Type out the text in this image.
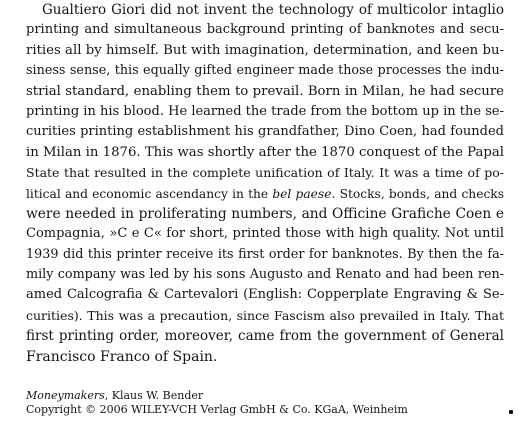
Gualtiero Giori did not invent the technology of multicolor intaglio
printing and simultaneous background printing of banknotes and secu-
rities all by himself. But with imagination, determination, and keen bu-
siness sense, this equally gifted engineer made those processes the indu-
strial standard, enabling them to prevail. Born in Milan, he had secure
printing in his blood. He learned the trade from the bottom up in the se-
curities printing establishment his grandfather, Dino Coen, had founded
in Milan in 1876. This was shortly after the 1870 conquest of the Papal
State that resulted in the complete unification of Italy. It was a time of po-
litical and economic ascendancy in the bel paese. Stocks, bonds, and checks
were needed in proliferating numbers, and Officine Grafiche Coen e
Compagnia, »C e C« for short, printed those with high quality. Not until
1939 did this printer receive its first order for banknotes. By then the fa-
mily company was led by his sons Augusto and Renato and had been ren-
amed Calcografia & Cartevalori (English: Copperplate Engraving & Se-
curities). This was a precaution, since Fascism also prevailed in Italy. That
first printing order, moreover, came from the government of General
Francisco Franco of Spain.
Moneymakers, Klaus W. Bender
Copyright © 2006 WILEY-VCH Verlag GmbH & Co. KGaA, Weinheim
